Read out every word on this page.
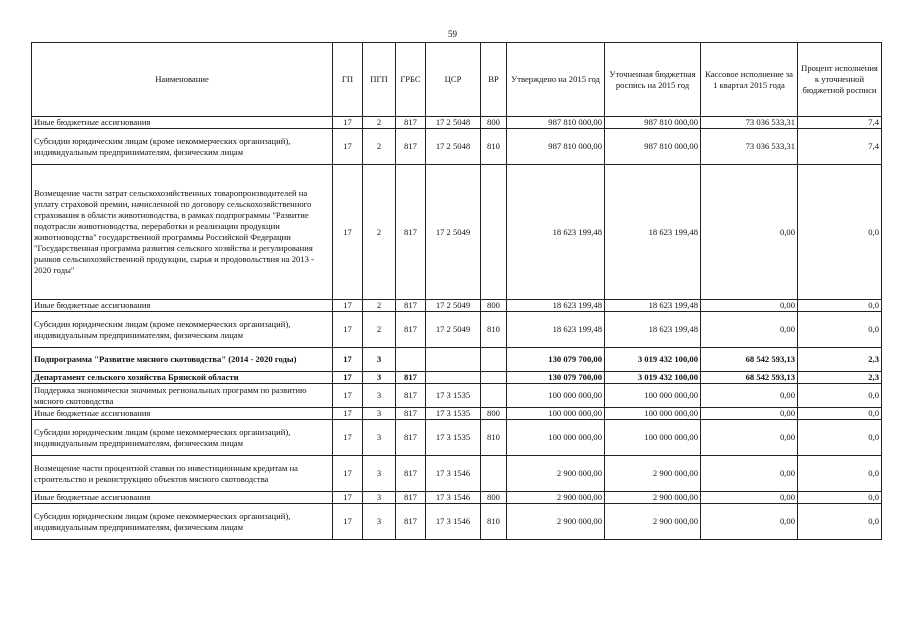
59
Наименование	ГП	ПГП	ГРБС	ЦСР	ВР	Утверждено на 2015 год	Уточненная бюджетная роспись на 2015 год	Кассовое исполнение за 1 квартал 2015 года	Процент исполнения к уточненной бюджетной росписи
Иные бюджетные ассигнования	17	2	817	17 2 5048	800	987 810 000,00	987 810 000,00	73 036 533,31	7,4
Субсидии юридическим лицам (кроме некоммерческих организаций), индивидуальным предпринимателям, физическим лицам	17	2	817	17 2 5048	810	987 810 000,00	987 810 000,00	73 036 533,31	7,4
Возмещение части затрат сельскохозяйственных товаропроизводителей на уплату страховой премии, начисленной по договору сельскохозяйственного страхования в области животноводства, в рамках подпрограммы "Развитие подотрасли животноводства, переработки и реализации продукции животноводства" государственной программы Российской Федерации "Государственная программа развития сельского хозяйства и регулирования рынков сельскохозяйственной продукции, сырья и продовольствия на 2013 - 2020 годы"	17	2	817	17 2 5049		18 623 199,48	18 623 199,48	0,00	0,0
Иные бюджетные ассигнования	17	2	817	17 2 5049	800	18 623 199,48	18 623 199,48	0,00	0,0
Субсидии юридическим лицам (кроме некоммерческих организаций), индивидуальным предпринимателям, физическим лицам	17	2	817	17 2 5049	810	18 623 199,48	18 623 199,48	0,00	0,0
Подпрограмма "Развитие мясного скотоводства" (2014 - 2020 годы)	17	3				130 079 700,00	3 019 432 100,00	68 542 593,13	2,3
Департамент сельского хозяйства Брянской области	17	3	817			130 079 700,00	3 019 432 100,00	68 542 593,13	2,3
Поддержка экономически значимых региональных программ по развитию мясного скотоводства	17	3	817	17 3 1535		100 000 000,00	100 000 000,00	0,00	0,0
Иные бюджетные ассигнования	17	3	817	17 3 1535	800	100 000 000,00	100 000 000,00	0,00	0,0
Субсидии юридическим лицам (кроме некоммерческих организаций), индивидуальным предпринимателям, физическим лицам	17	3	817	17 3 1535	810	100 000 000,00	100 000 000,00	0,00	0,0
Возмещение части процентной ставки по инвестиционным кредитам на строительство и реконструкцию объектов мясного скотоводства	17	3	817	17 3 1546		2 900 000,00	2 900 000,00	0,00	0,0
Иные бюджетные ассигнования	17	3	817	17 3 1546	800	2 900 000,00	2 900 000,00	0,00	0,0
Субсидии юридическим лицам (кроме некоммерческих организаций), индивидуальным предпринимателям, физическим лицам	17	3	817	17 3 1546	810	2 900 000,00	2 900 000,00	0,00	0,0
